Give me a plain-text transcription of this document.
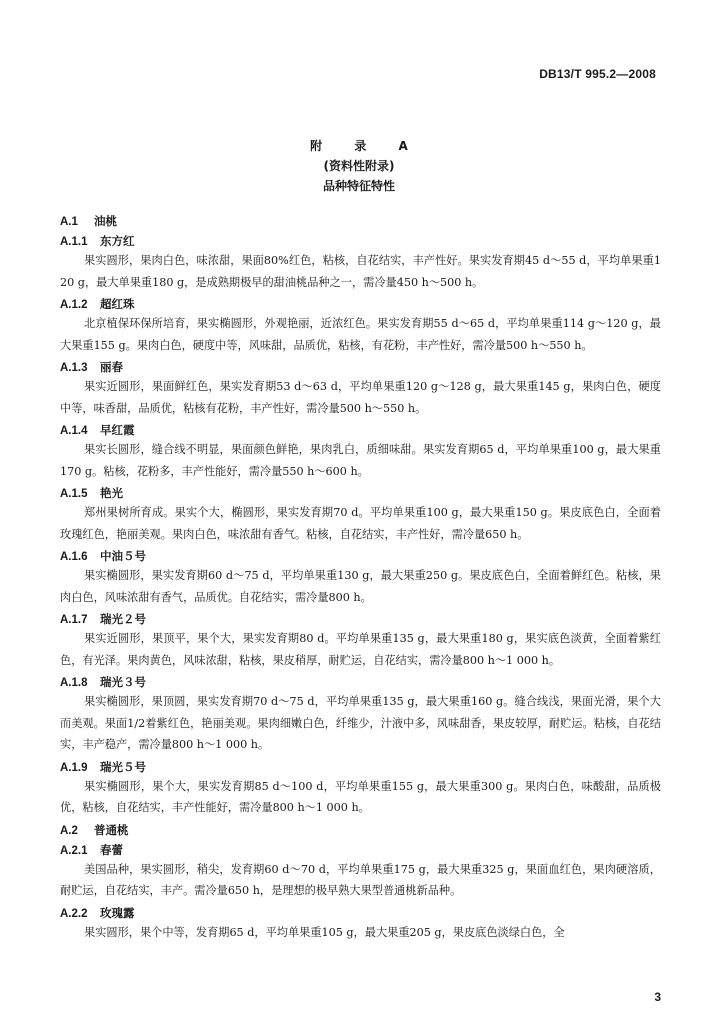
DB13/T 995.2—2008
附 录 A
(资料性附录)
品种特征特性
A.1 油桃
A.1.1 东方红

果实圆形，果肉白色，味浓甜，果面80%红色，粘核，自花结实，丰产性好。果实发育期45 d～55 d，平均单果重120 g，最大单果重180 g，是成熟期极早的甜油桃品种之一，需冷量450 h～500 h。

A.1.2 超红珠

北京植保环保所培育，果实椭圆形，外观艳丽，近浓红色。果实发育期55 d～65 d，平均单果重114 g～120 g，最大果重155 g。果肉白色，硬度中等，风味甜，品质优，粘核，有花粉，丰产性好，需冷量500 h～550 h。

A.1.3 丽春

果实近圆形，果面鲜红色，果实发育期53 d～63 d，平均单果重120 g～128 g，最大果重145 g，果肉白色，硬度中等，味香甜，品质优，粘核有花粉，丰产性好，需冷量500 h～550 h。

A.1.4 早红霞

果实长圆形，缝合线不明显，果面颜色鲜艳，果肉乳白，质细味甜。果实发育期65 d，平均单果重100 g，最大果重170 g。粘核，花粉多，丰产性能好，需冷量550 h～600 h。

A.1.5 艳光

郑州果树所育成。果实个大，椭圆形，果实发育期70 d。平均单果重100 g，最大果重150 g。果皮底色白，全面着玫瑰红色，艳丽美观。果肉白色，味浓甜有香气。粘核，自花结实，丰产性好，需冷量650 h。

A.1.6 中油５号

果实椭圆形，果实发育期60 d～75 d，平均单果重130 g，最大果重250 g。果皮底色白，全面着鲜红色。粘核，果肉白色，风味浓甜有香气，品质优。自花结实，需冷量800 h。

A.1.7 瑞光２号

果实近圆形，果顶平，果个大，果实发育期80 d。平均单果重135 g，最大果重180 g，果实底色淡黄，全面着紫红色，有光泽。果肉黄色，风味浓甜，粘核，果皮稍厚，耐贮运，自花结实，需冷量800 h～1 000 h。

A.1.8 瑞光３号

果实椭圆形，果顶圆，果实发育期70 d～75 d，平均单果重135 g，最大果重160 g。缝合线浅，果面光滑，果个大而美观。果面1/2着紫红色，艳丽美观。果肉细嫩白色，纤维少，汁液中多，风味甜香，果皮较厚，耐贮运。粘核，自花结实，丰产稳产，需冷量800 h～1 000 h。

A.1.9 瑞光５号

果实椭圆形，果个大，果实发育期85 d～100 d，平均单果重155 g，最大果重300 g。果肉白色，味酸甜，品质极优，粘核，自花结实，丰产性能好，需冷量800 h～1 000 h。

A.2 普通桃
A.2.1 春蕾

美国品种，果实圆形，稍尖，发育期60 d～70 d，平均单果重175 g，最大果重325 g，果面血红色，果肉硬溶质，耐贮运，自花结实，丰产。需冷量650 h，是理想的极早熟大果型普通桃新品种。

A.2.2 玫瑰露

果实圆形，果个中等，发育期65 d，平均单果重105 g，最大果重205 g，果皮底色淡绿白色，全

3
